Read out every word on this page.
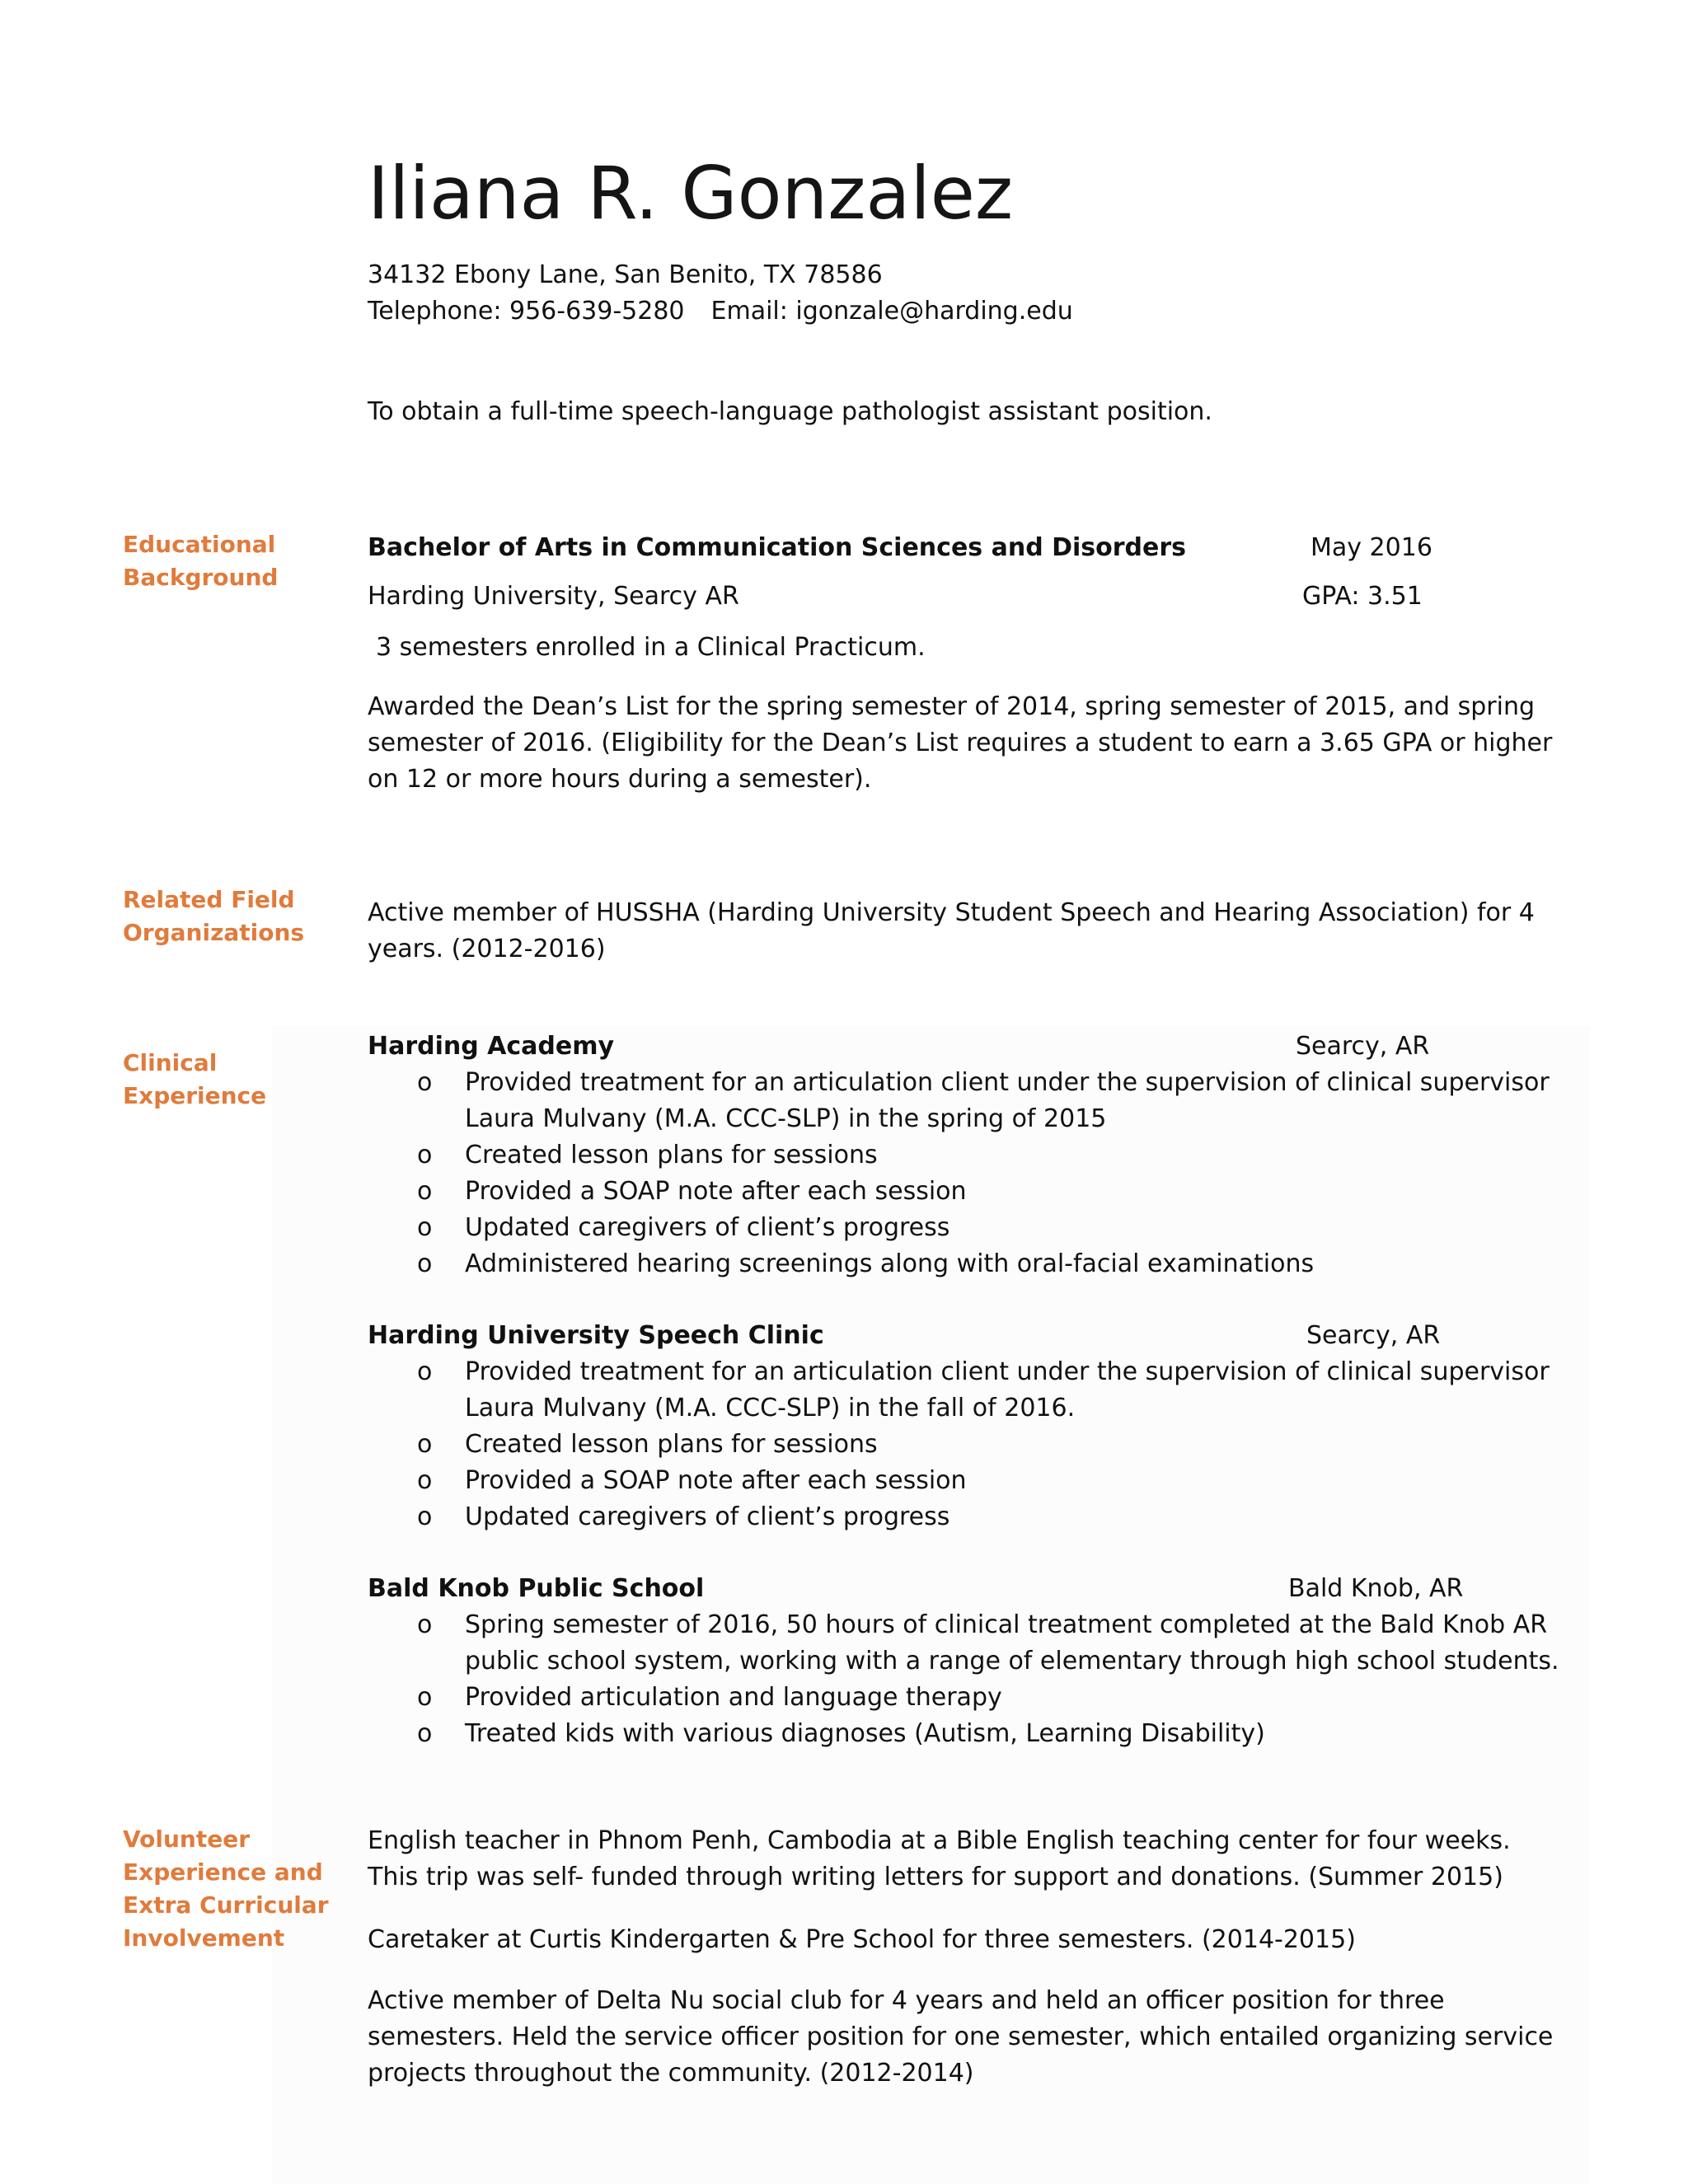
Iliana R. Gonzalez
34132 Ebony Lane, San Benito, TX 78586
Telephone: 956-639-5280 Email: igonzale@harding.edu
To obtain a full-time speech-language pathologist assistant position.
Educational Background
Bachelor of Arts in Communication Sciences and Disorders	May 2016
Harding University, Searcy AR	GPA: 3.51
3 semesters enrolled in a Clinical Practicum.
Awarded the Dean’s List for the spring semester of 2014, spring semester of 2015, and spring semester of 2016. (Eligibility for the Dean’s List requires a student to earn a 3.65 GPA or higher on 12 or more hours during a semester).
Related Field Organizations
Active member of HUSSHA (Harding University Student Speech and Hearing Association) for 4 years. (2012-2016)
Clinical Experience
Harding Academy	Searcy, AR
o Provided treatment for an articulation client under the supervision of clinical supervisor Laura Mulvany (M.A. CCC-SLP) in the spring of 2015
o Created lesson plans for sessions
o Provided a SOAP note after each session
o Updated caregivers of client’s progress
o Administered hearing screenings along with oral-facial examinations
Harding University Speech Clinic	Searcy, AR
o Provided treatment for an articulation client under the supervision of clinical supervisor Laura Mulvany (M.A. CCC-SLP) in the fall of 2016.
o Created lesson plans for sessions
o Provided a SOAP note after each session
o Updated caregivers of client’s progress
Bald Knob Public School	Bald Knob, AR
o Spring semester of 2016, 50 hours of clinical treatment completed at the Bald Knob AR public school system, working with a range of elementary through high school students.
o Provided articulation and language therapy
o Treated kids with various diagnoses (Autism, Learning Disability)
Volunteer Experience and Extra Curricular Involvement
English teacher in Phnom Penh, Cambodia at a Bible English teaching center for four weeks. This trip was self- funded through writing letters for support and donations. (Summer 2015)
Caretaker at Curtis Kindergarten & Pre School for three semesters. (2014-2015)
Active member of Delta Nu social club for 4 years and held an officer position for three semesters. Held the service officer position for one semester, which entailed organizing service projects throughout the community. (2012-2014)
